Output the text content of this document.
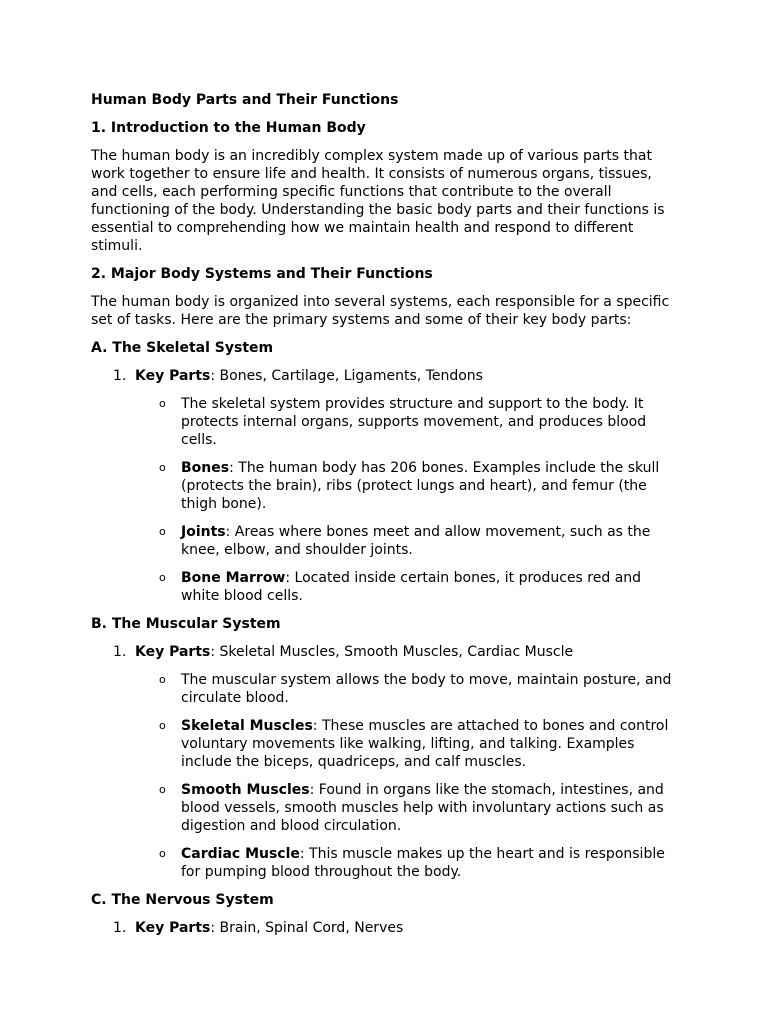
Human Body Parts and Their Functions
1. Introduction to the Human Body
The human body is an incredibly complex system made up of various parts that work together to ensure life and health. It consists of numerous organs, tissues, and cells, each performing specific functions that contribute to the overall functioning of the body. Understanding the basic body parts and their functions is essential to comprehending how we maintain health and respond to different stimuli.
2. Major Body Systems and Their Functions
The human body is organized into several systems, each responsible for a specific set of tasks. Here are the primary systems and some of their key body parts:
A. The Skeletal System
1. Key Parts: Bones, Cartilage, Ligaments, Tendons
o	The skeletal system provides structure and support to the body. It protects internal organs, supports movement, and produces blood cells.
o	Bones: The human body has 206 bones. Examples include the skull (protects the brain), ribs (protect lungs and heart), and femur (the thigh bone).
o	Joints: Areas where bones meet and allow movement, such as the knee, elbow, and shoulder joints.
o	Bone Marrow: Located inside certain bones, it produces red and white blood cells.
B. The Muscular System
1. Key Parts: Skeletal Muscles, Smooth Muscles, Cardiac Muscle
o	The muscular system allows the body to move, maintain posture, and circulate blood.
o	Skeletal Muscles: These muscles are attached to bones and control voluntary movements like walking, lifting, and talking. Examples include the biceps, quadriceps, and calf muscles.
o	Smooth Muscles: Found in organs like the stomach, intestines, and blood vessels, smooth muscles help with involuntary actions such as digestion and blood circulation.
o	Cardiac Muscle: This muscle makes up the heart and is responsible for pumping blood throughout the body.
C. The Nervous System
1. Key Parts: Brain, Spinal Cord, Nerves
